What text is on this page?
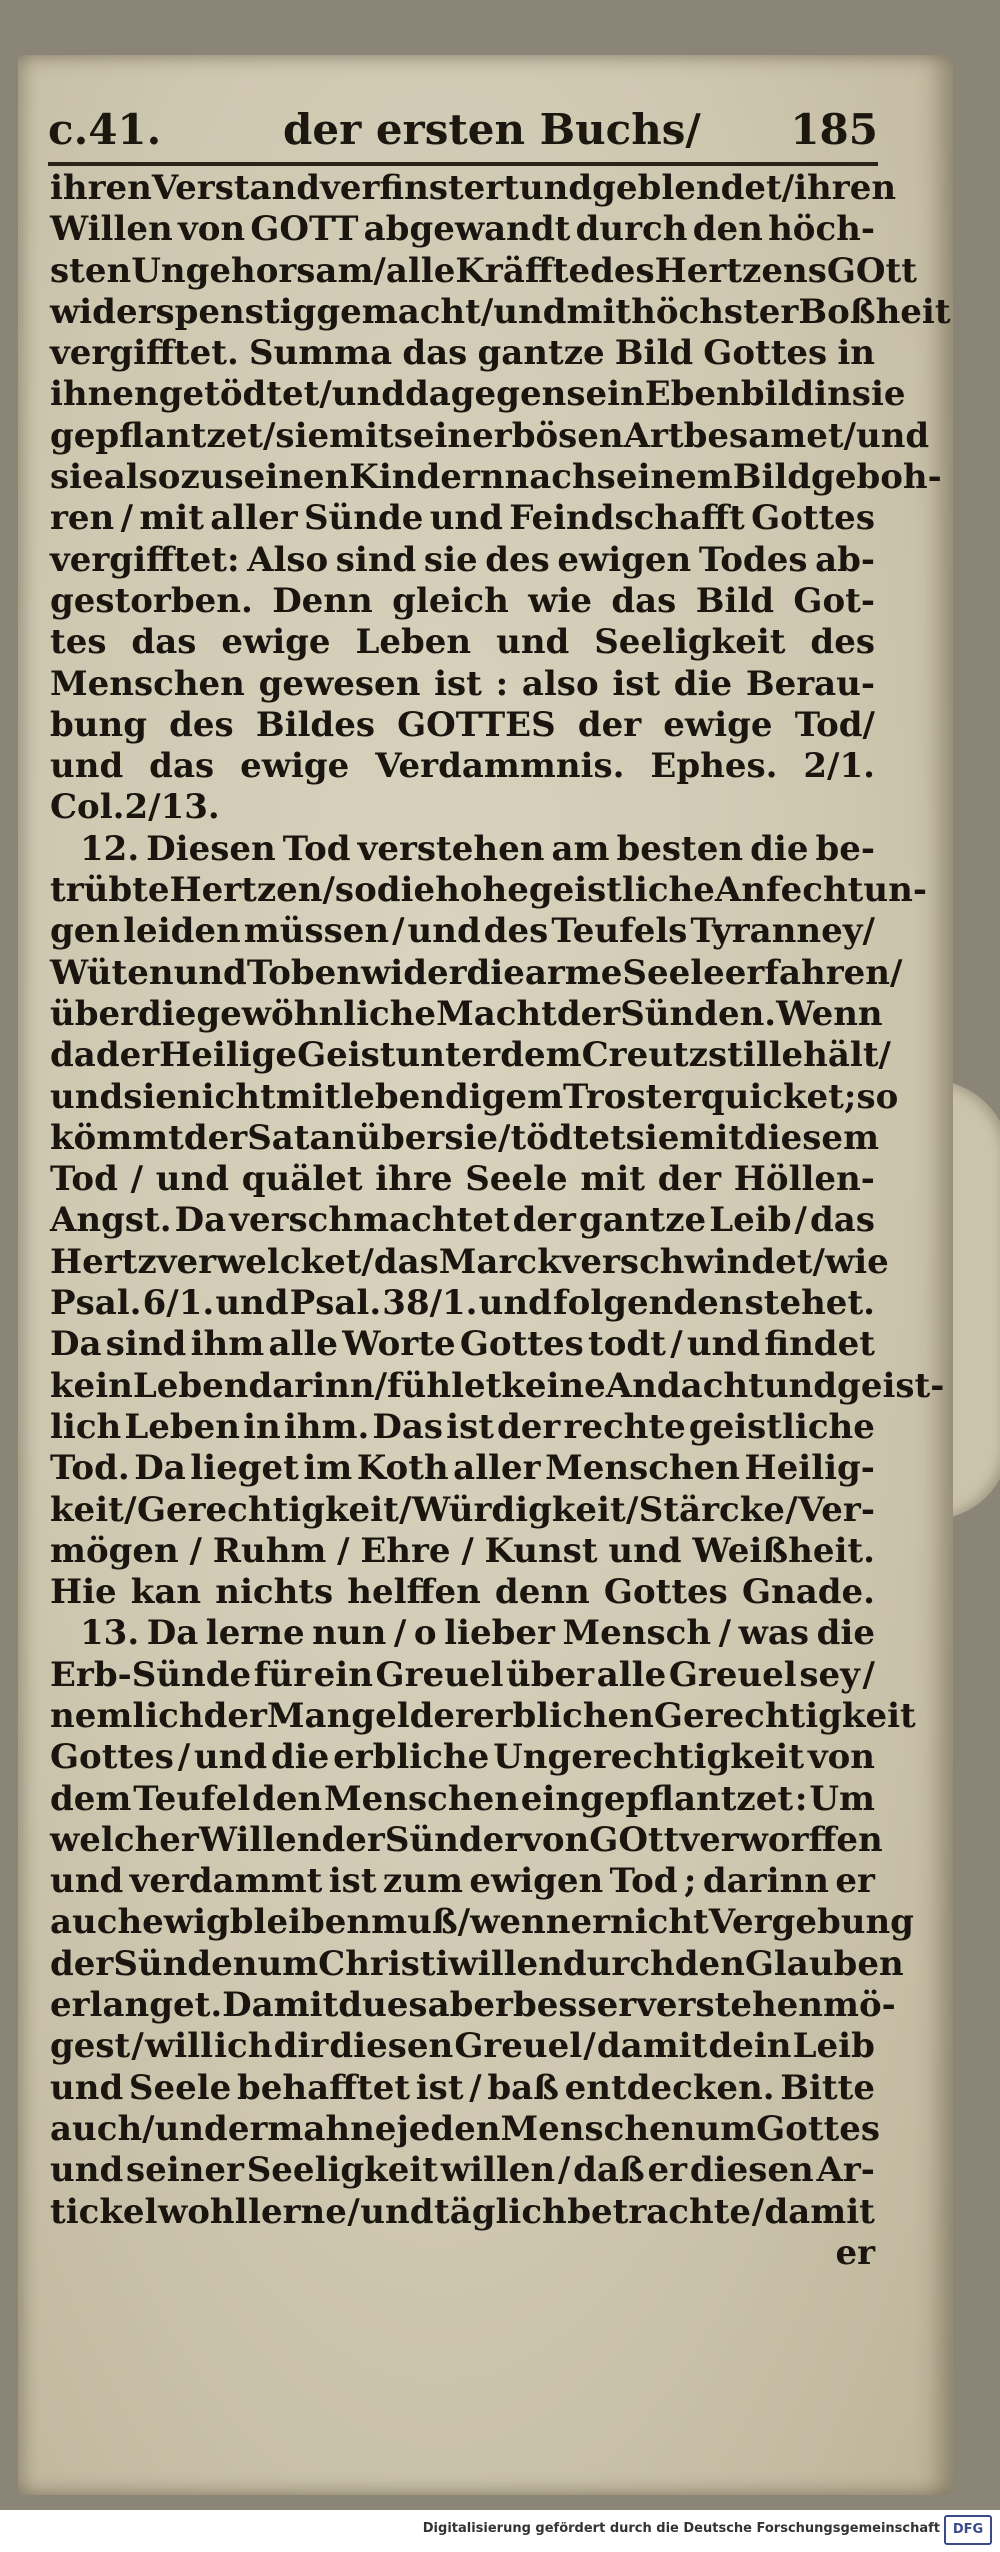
c.41.	der ersten Buchs/ 185
ihren Verstand verfinstert und geblendet / ihren
Willen von GOTT abgewandt durch den höch-
sten Ungehorsam/alle Kräffte des Hertzens GOtt
widerspenstig gemacht / und mit höchster Boßheit
vergifftet. Summa das gantze Bild Gottes in
ihnen getödtet / und dagegen sein Ebenbild in sie
gepflantzet / sie mit seiner bösen Art besamet / und
sie also zu seinen Kindern nach seinem Bild geboh-
ren / mit aller Sünde und Feindschafft Gottes
vergifftet: Also sind sie des ewigen Todes ab-
gestorben. Denn gleich wie das Bild Got-
tes das ewige Leben und Seeligkeit des
Menschen gewesen ist : also ist die Berau-
bung des Bildes GOTTES der ewige Tod/
und das ewige Verdammnis. Ephes. 2/1.
Col. 2/13.
12. Diesen Tod verstehen am besten die be-
trübte Hertzen / so die hohe geistliche Anfechtun-
gen leiden müssen / und des Teufels Tyranney/
Wüten und Toben wider die arme Seele erfahren/
über die gewöhnliche Macht der Sünden. Wenn
da der Heilige Geist unter dem Creutz stille hält /
und sie nicht mit lebendigem Trost erquicket ; so
kömmt der Satan über sie / tödtet sie mit diesem
Tod / und quälet ihre Seele mit der Höllen-
Angst. Da verschmachtet der gantze Leib / das
Hertz verwelcket / das Marck verschwindet / wie
Psal. 6/1. und Psal. 38/1. und folgenden stehet.
Da sind ihm alle Worte Gottes todt / und findet
kein Leben darinn / fühlet keine Andacht und geist-
lich Leben in ihm. Das ist der rechte geistliche
Tod. Da lieget im Koth aller Menschen Heilig-
keit / Gerechtigkeit / Würdigkeit / Stärcke / Ver-
mögen / Ruhm / Ehre / Kunst und Weißheit.
Hie kan nichts helffen denn Gottes Gnade.
13. Da lerne nun / o lieber Mensch / was die
Erb-Sünde für ein Greuel über alle Greuel sey /
nemlich der Mangel der erblichen Gerechtigkeit
Gottes / und die erbliche Ungerechtigkeit von
dem Teufel den Menschen eingepflantzet : Um
welcher Willen der Sünder von GOtt verworffen
und verdammt ist zum ewigen Tod ; darinn er
auch ewig bleiben muß / wenn er nicht Vergebung
der Sünden um Christi willen durch den Glauben
erlanget. Damit du es aber besser verstehen mö-
gest / will ich dir diesen Greuel / damit dein Leib
und Seele behafftet ist / baß entdecken. Bitte
auch / und ermahne jeden Menschen um Gottes
und seiner Seeligkeit willen / daß er diesen Ar-
tickel wohl lerne / und täglich betrachte / damit
er
Digitalisierung gefördert durch die Deutsche Forschungsgemeinschaft DFG
